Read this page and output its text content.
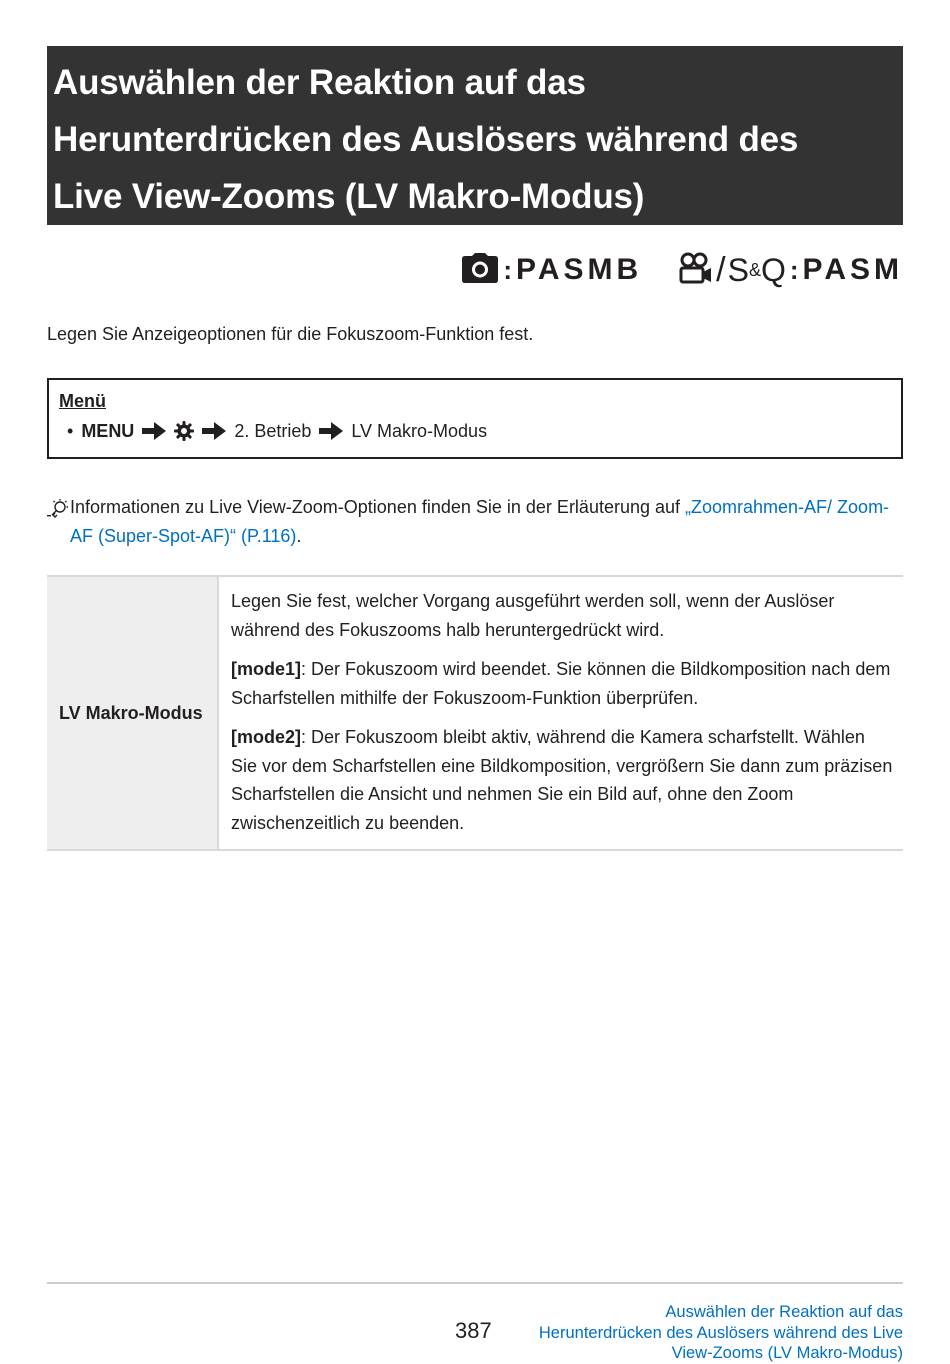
Auswählen der Reaktion auf das
Herunterdrücken des Auslösers während des
Live View-Zooms (LV Makro-Modus)
: PASMB / S & Q : PASM
Legen Sie Anzeigeoptionen für die Fokuszoom-Funktion fest.
Menü
• MENU	2. Betrieb LV Makro-Modus
Informationen zu Live View-Zoom-Optionen finden Sie in der Erläuterung auf „Zoomrahmen-AF/ Zoom-AF (Super-Spot-AF)“ (P.116).
LV Makro-Modus

Legen Sie fest, welcher Vorgang ausgeführt werden soll, wenn der Auslöser während des Fokuszooms halb heruntergedrückt wird.

[mode1]: Der Fokuszoom wird beendet. Sie können die Bildkomposition nach dem Scharfstellen mithilfe der Fokuszoom-Funktion überprüfen.

[mode2]: Der Fokuszoom bleibt aktiv, während die Kamera scharfstellt. Wählen Sie vor dem Scharfstellen eine Bildkomposition, vergrößern Sie dann zum präzisen Scharfstellen die Ansicht und nehmen Sie ein Bild auf, ohne den Zoom zwischenzeitlich zu beenden.

387
Auswählen der Reaktion auf das
Herunterdrücken des Auslösers während des Live
View-Zooms (LV Makro-Modus)
